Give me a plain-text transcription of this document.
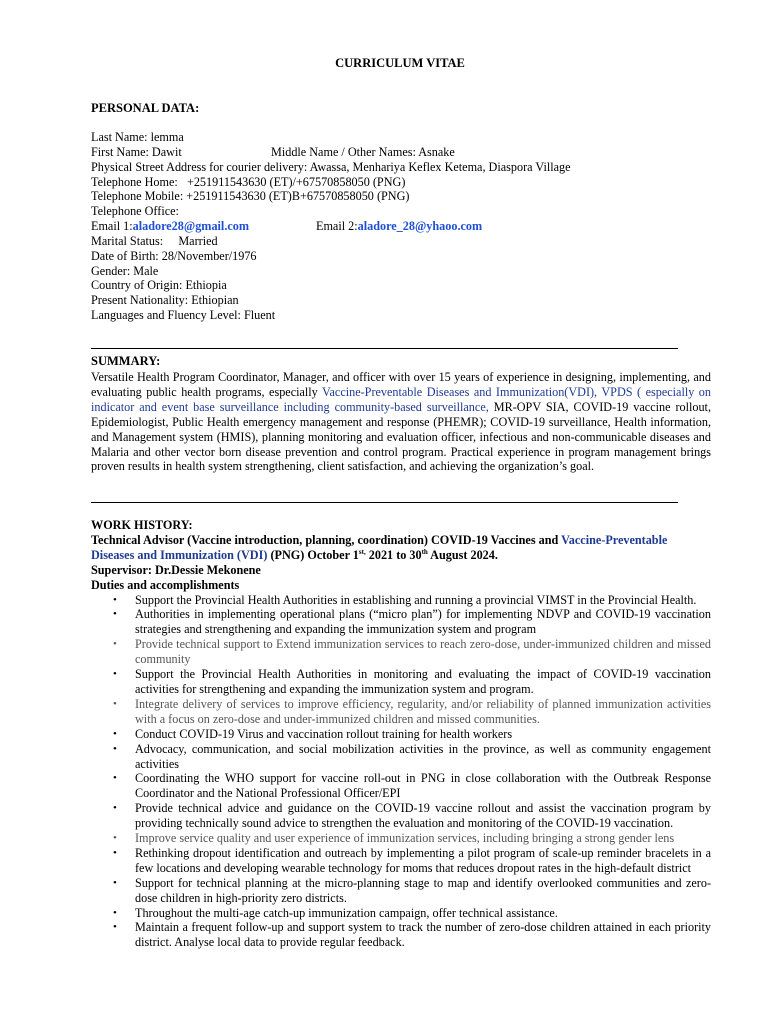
CURRICULUM VITAE
PERSONAL DATA:
Last Name: lemma
First Name: Dawit	Middle Name / Other Names: Asnake
Physical Street Address for courier delivery: Awassa, Menhariya Keflex Ketema, Diaspora Village
Telephone Home:   +251911543630 (ET)/+67570858050 (PNG)
Telephone Mobile: +251911543630 (ET)B+67570858050 (PNG)
Telephone Office:
Email 1:aladore28@gmail.com	Email 2:aladore_28@yhaoo.com
Marital Status:     Married
Date of Birth: 28/November/1976
Gender: Male
Country of Origin: Ethiopia
Present Nationality: Ethiopian
Languages and Fluency Level: Fluent
SUMMARY:
Versatile Health Program Coordinator, Manager, and officer with over 15 years of experience in designing, implementing, and evaluating public health programs, especially Vaccine-Preventable Diseases and Immunization(VDI), VPDS ( especially on indicator and event base surveillance including community-based surveillance, MR-OPV SIA, COVID-19 vaccine rollout, Epidemiologist, Public Health emergency management and response (PHEMR); COVID-19 surveillance, Health information, and Management system (HMIS), planning monitoring and evaluation officer, infectious and non-communicable diseases and Malaria and other vector born disease prevention and control program. Practical experience in program management brings proven results in health system strengthening, client satisfaction, and achieving the organization’s goal.
WORK HISTORY:
Technical Advisor (Vaccine introduction, planning, coordination) COVID-19 Vaccines and Vaccine-Preventable Diseases and Immunization (VDI) (PNG) October $1^{st,}$ 2021 to 30th August 2024.
Supervisor: Dr.Dessie Mekonene
Duties and accomplishments
• Support the Provincial Health Authorities in establishing and running a provincial VIMST in the Provincial Health.
• Authorities in implementing operational plans (“micro plan”) for implementing NDVP and COVID-19 vaccination strategies and strengthening and expanding the immunization system and program
• Provide technical support to Extend immunization services to reach zero-dose, under-immunized children and missed community
• Support the Provincial Health Authorities in monitoring and evaluating the impact of COVID-19 vaccination activities for strengthening and expanding the immunization system and program.
• Integrate delivery of services to improve efficiency, regularity, and/or reliability of planned immunization activities with a focus on zero-dose and under-immunized children and missed communities.
• Conduct COVID-19 Virus and vaccination rollout training for health workers
• Advocacy, communication, and social mobilization activities in the province, as well as community engagement activities
• Coordinating the WHO support for vaccine roll-out in PNG in close collaboration with the Outbreak Response Coordinator and the National Professional Officer/EPI
• Provide technical advice and guidance on the COVID-19 vaccine rollout and assist the vaccination program by providing technically sound advice to strengthen the evaluation and monitoring of the COVID-19 vaccination.
• Improve service quality and user experience of immunization services, including bringing a strong gender lens
• Rethinking dropout identification and outreach by implementing a pilot program of scale-up reminder bracelets in a few locations and developing wearable technology for moms that reduces dropout rates in the high-default district
• Support for technical planning at the micro-planning stage to map and identify overlooked communities and zero-dose children in high-priority zero districts.
• Throughout the multi-age catch-up immunization campaign, offer technical assistance.
• Maintain a frequent follow-up and support system to track the number of zero-dose children attained in each priority district. Analyse local data to provide regular feedback.
